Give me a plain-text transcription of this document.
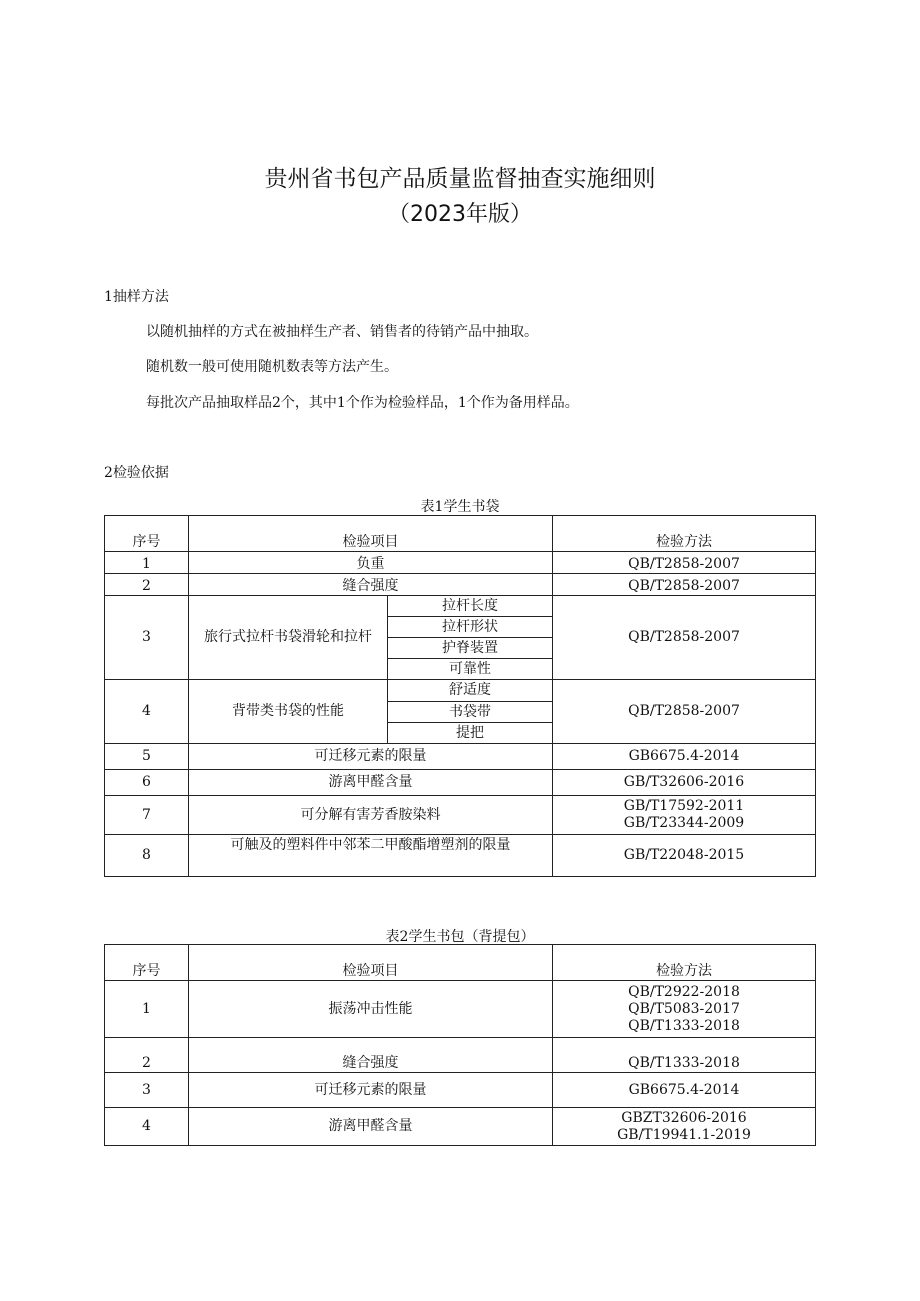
贵州省书包产品质量监督抽查实施细则
（2023年版）
1抽样方法
以随机抽样的方式在被抽样生产者、销售者的待销产品中抽取。
随机数一般可使用随机数表等方法产生。
每批次产品抽取样品2个，其中1个作为检验样品，1个作为备用样品。
2检验依据
表1学生书袋
序号	检验项目		检验方法
1	负重		QB/T2858-2007
2	缝合强度		QB/T2858-2007
3	旅行式拉杆书袋滑轮和拉杆	拉杆长度	QB/T2858-2007
		拉杆形状	
		护脊装置	
		可靠性	
4	背带类书袋的性能	舒适度	QB/T2858-2007
		书袋带	
		提把	
5	可迁移元素的限量		GB6675.4-2014
6	游离甲醛含量		GB/T32606-2016
7	可分解有害芳香胺染料		GB/T17592-2011
GB/T23344-2009

8	可触及的塑料件中邻苯二甲酸酯增塑剂的限量		GB/T22048-2015
表2学生书包（背提包）
序号	检验项目	检验方法
1	振荡冲击性能	QB/T2922-2018
QB/T5083-2017
QB/T1333-2018

2	缝合强度	QB/T1333-2018
3	可迁移元素的限量	GB6675.4-2014
4	游离甲醛含量	GBZT32606-2016
GB/T19941.1-2019
